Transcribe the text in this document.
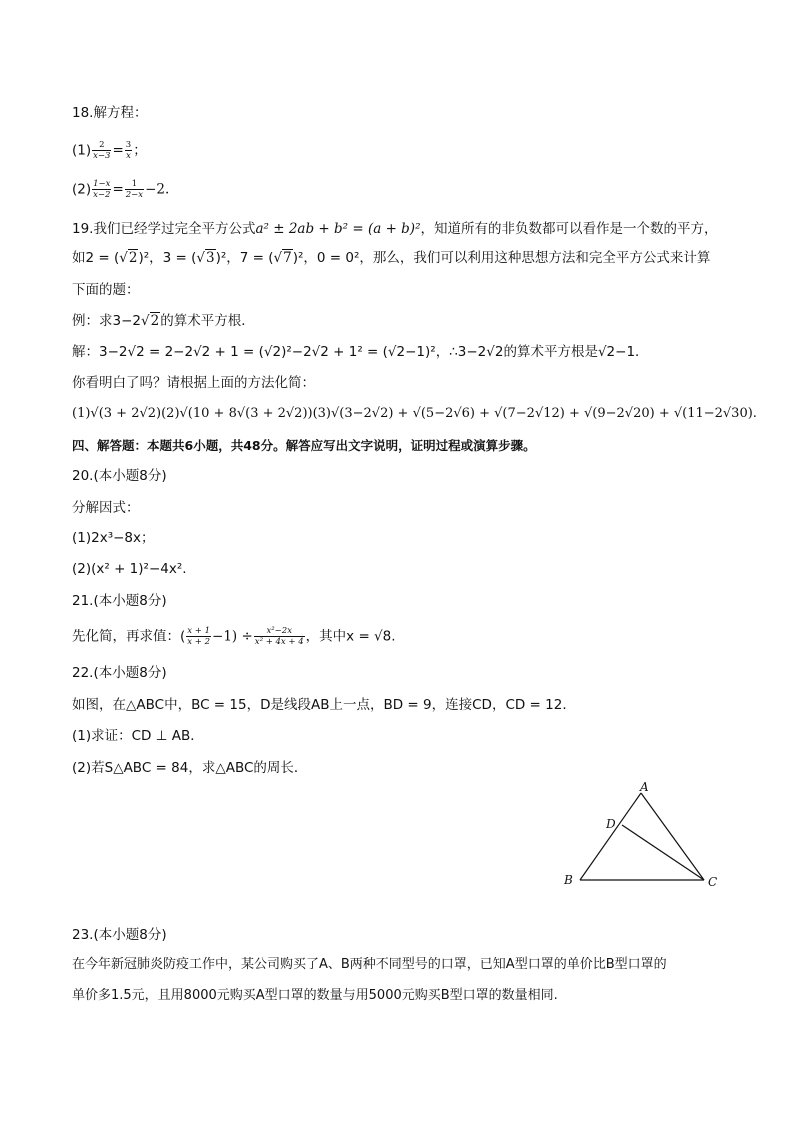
18.解方程：
$(1) \frac{2}{x-3} = \frac{3}{x}$ ；
$(2) \frac{1-x}{x-2} = \frac{1}{2-x} -2$.
19.我们已经学过完全平方公式a² ± 2ab + b² = (a + b)²，知道所有的非负数都可以看作是一个数的平方，
如2 = (√2)²，3 = (√3)²，7 = (√7)²，0 = 0²，那么，我们可以利用这种思想方法和完全平方公式来计算
下面的题：
例：求3−2√2的算术平方根．
解：3−2√2 = 2−2√2 + 1 = (√2)²−2√2 + 1² = (√2−1)²，∴3−2√2的算术平方根是√2−1．
你看明白了吗？请根据上面的方法化简：
(1)√(3 + 2√2)(2)√(10 + 8√(3 + 2√2))(3)√(3−2√2) + √(5−2√6) + √(7−2√12) + √(9−2√20) + √(11−2√30).
四、解答题：本题共6小题，共48分。解答应写出文字说明，证明过程或演算步骤。
20.(本小题8分)
分解因式：
(1)2x³−8x；
(2)(x² + 1)²−4x².
21.(本小题8分)
先化简，再求值：( $\frac{x + 1}{x + 2} -1) \div \frac{\text{x²−2x}}{\text{x² + 4x + 4}}$ ，其中x = √8.
22.(本小题8分)
如图，在△ABC中，BC = 15，D是线段AB上一点，BD = 9，连接CD，CD = 12．
(1)求证：CD ⊥ AB．
(2)若S△ABC = 84，求△ABC的周长．
A
D
B	C
23.(本小题8分)
在今年新冠肺炎防疫工作中，某公司购买了A、B两种不同型号的口罩，已知A型口罩的单价比B型口罩的
单价多1.5元，且用8000元购买A型口罩的数量与用5000元购买B型口罩的数量相同.
